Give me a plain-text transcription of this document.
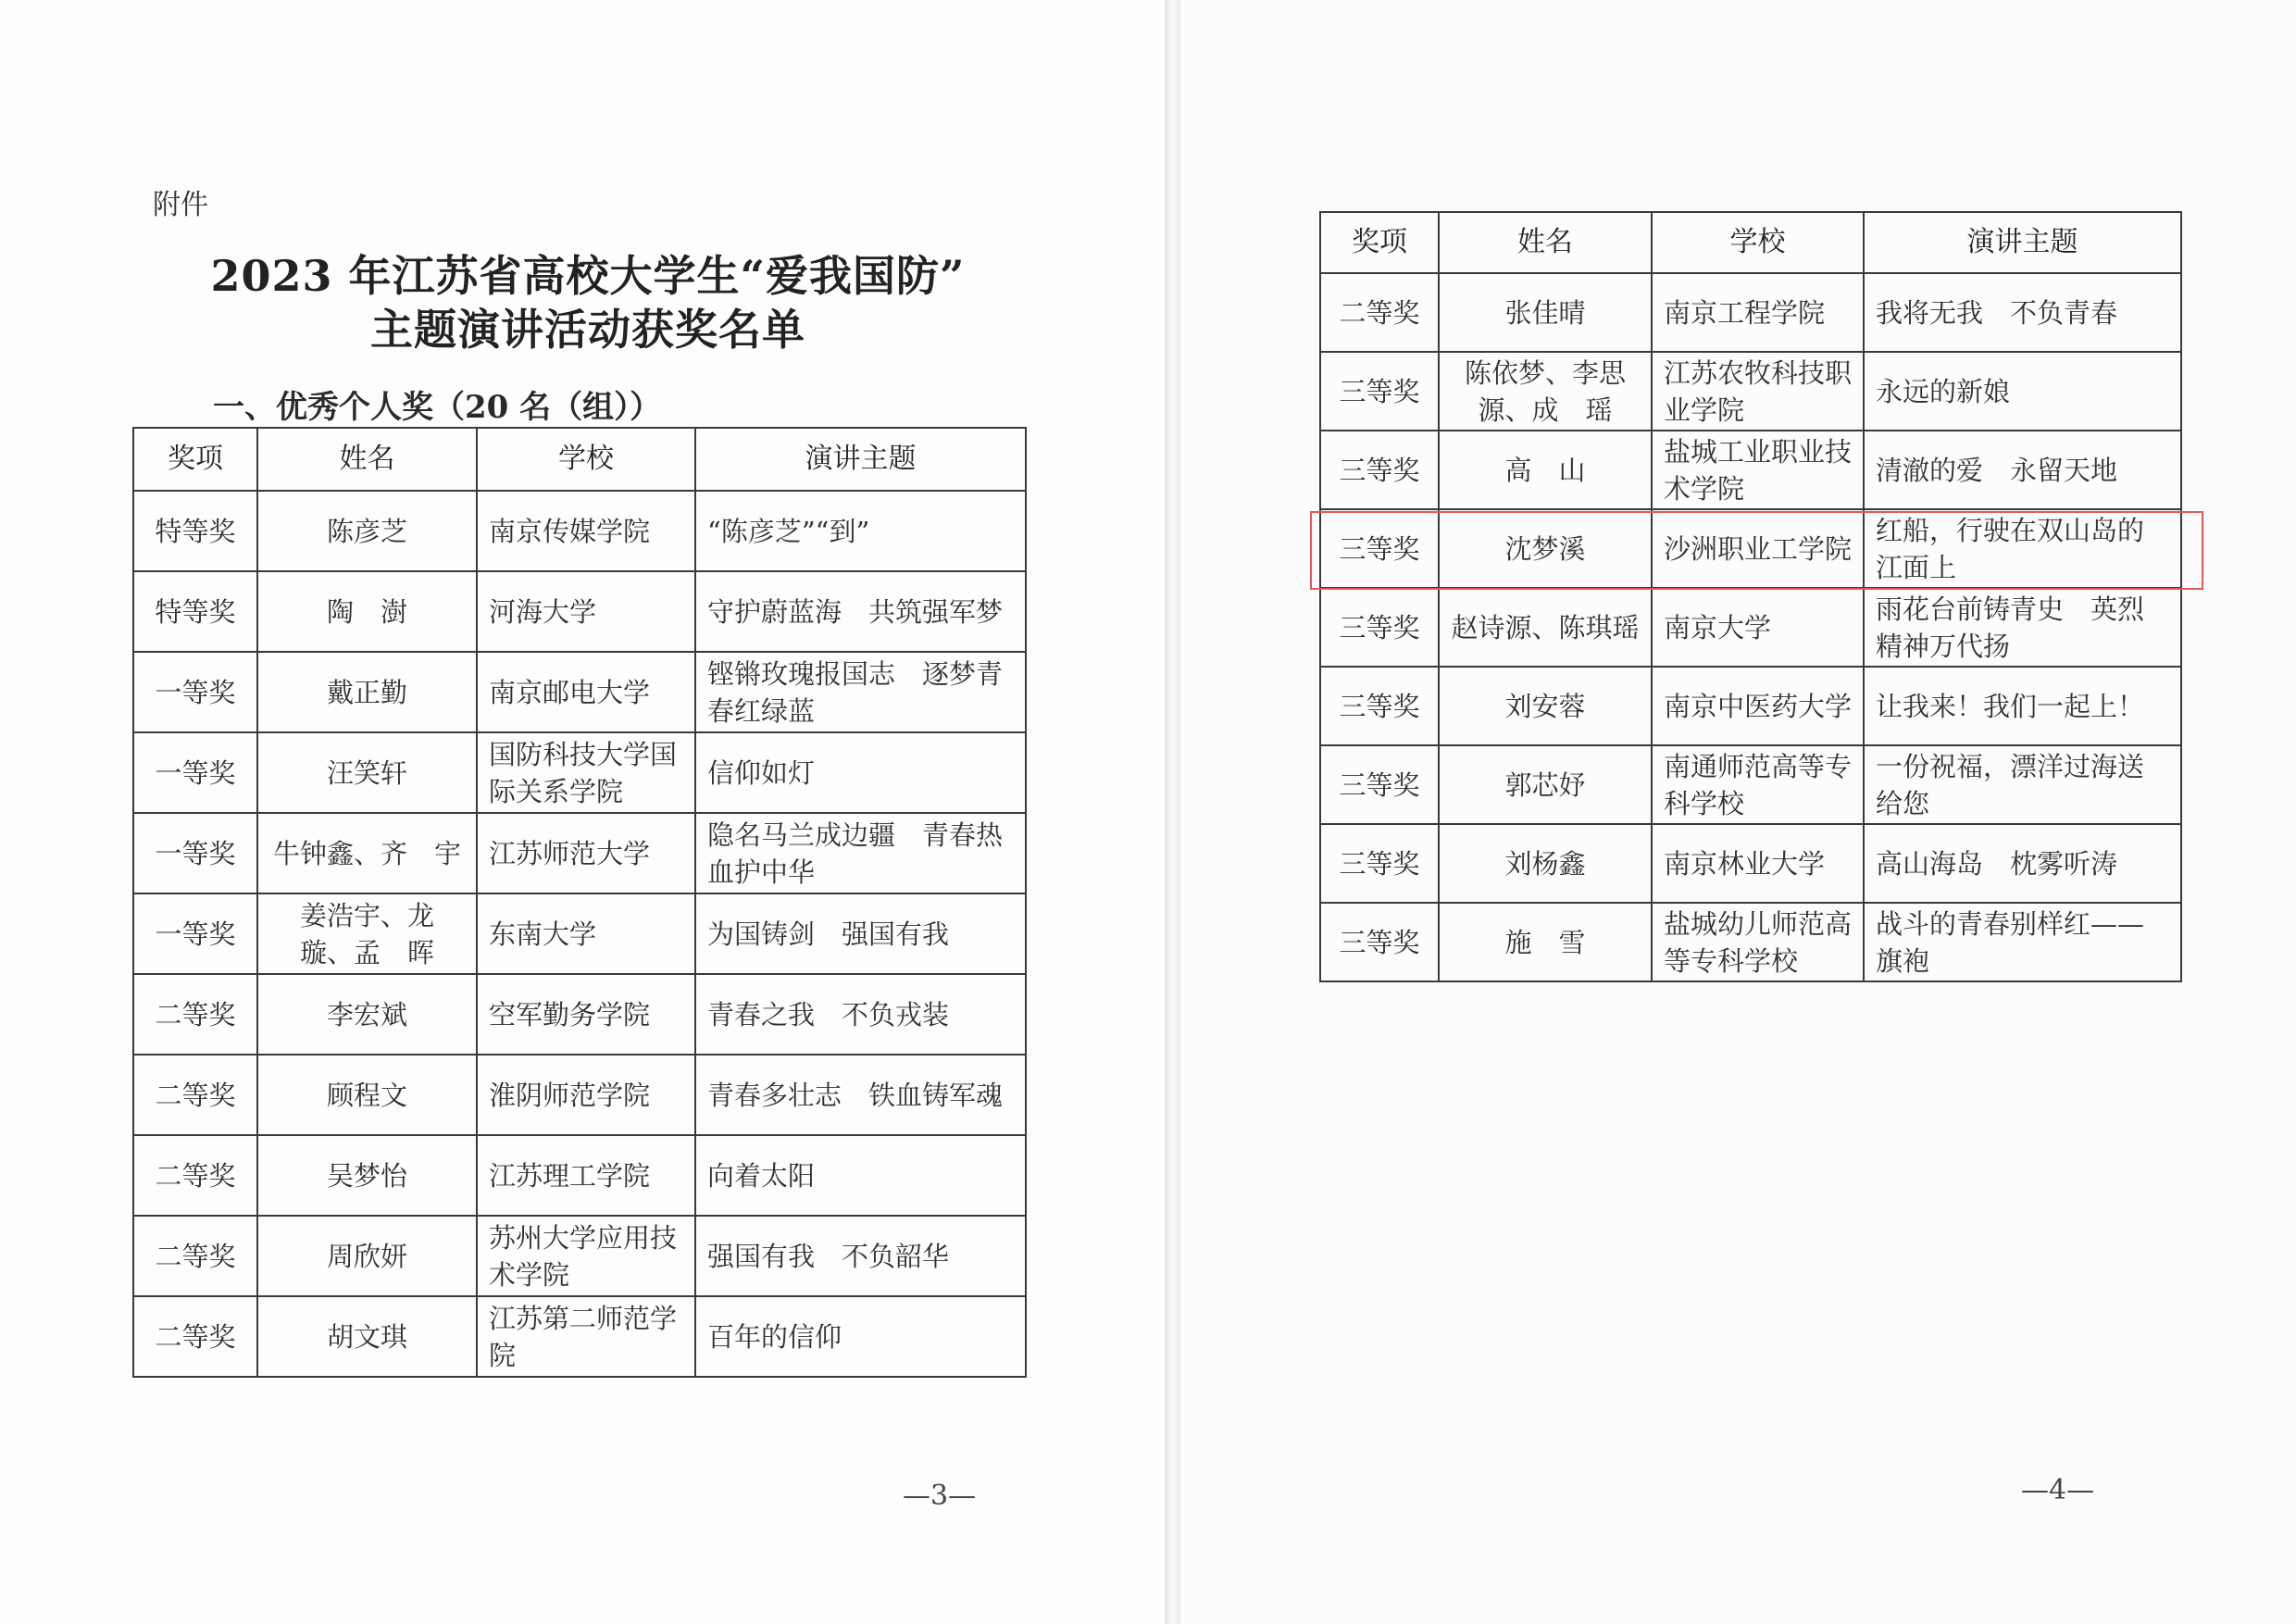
附件
2023 年江苏省高校大学生“爱我国防”
主题演讲活动获奖名单
一、优秀个人奖（20 名（组））
奖项	姓名	学校	演讲主题
特等奖	陈彦芝	南京传媒学院	“陈彦芝”“到”
特等奖	陶　澍	河海大学	守护蔚蓝海　共筑强军梦
一等奖	戴正勤	南京邮电大学	铿锵玫瑰报国志　逐梦青春红绿蓝
一等奖	汪笑轩	国防科技大学国际关系学院	信仰如灯
一等奖	牛钟鑫、齐　宇	江苏师范大学	隐名马兰成边疆　青春热血护中华
一等奖	姜浩宇、龙　璇、孟　晖	东南大学	为国铸剑　强国有我
二等奖	李宏斌	空军勤务学院	青春之我　不负戎装
二等奖	顾程文	淮阴师范学院	青春多壮志　铁血铸军魂
二等奖	吴梦怡	江苏理工学院	向着太阳
二等奖	周欣妍	苏州大学应用技术学院	强国有我　不负韶华
二等奖	胡文琪	江苏第二师范学院	百年的信仰
—3—
奖项	姓名	学校	演讲主题
二等奖	张佳晴	南京工程学院	我将无我　不负青春
三等奖	陈依梦、李思源、成　瑶	江苏农牧科技职业学院	永远的新娘
三等奖	高　山	盐城工业职业技术学院	清澈的爱　永留天地
三等奖	沈梦溪	沙洲职业工学院	红船，行驶在双山岛的江面上
三等奖	赵诗源、陈琪瑶	南京大学	雨花台前铸青史　英烈精神万代扬
三等奖	刘安蓉	南京中医药大学	让我来！我们一起上！
三等奖	郭芯妤	南通师范高等专科学校	一份祝福，漂洋过海送给您
三等奖	刘杨鑫	南京林业大学	高山海岛　枕雾听涛
三等奖	施　雪	盐城幼儿师范高等专科学校	战斗的青春别样红——旗袍
—4—
